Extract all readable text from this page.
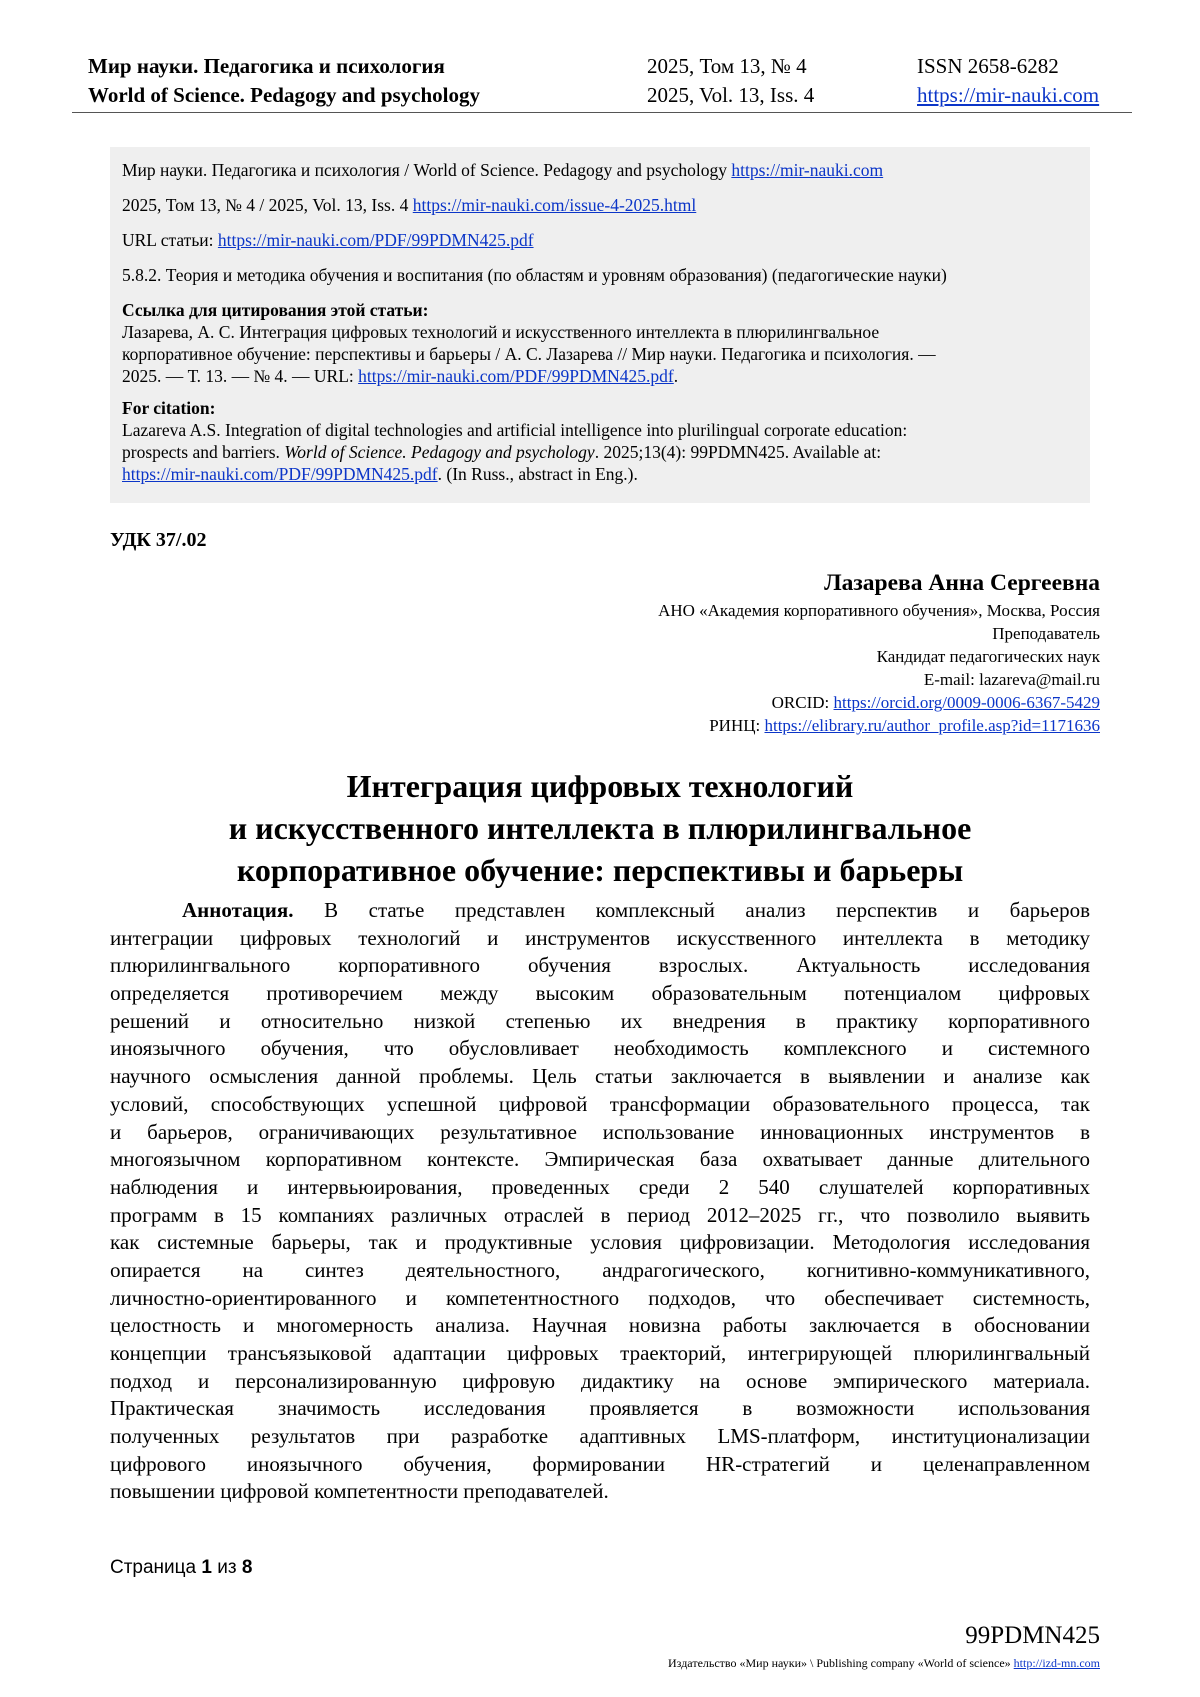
Мир науки. Педагогика и психология
World of Science. Pedagogy and psychology
2025, Том 13, № 4
2025, Vol. 13, Iss. 4
ISSN 2658-6282
https://mir-nauki.com

Мир науки. Педагогика и психология / World of Science. Pedagogy and psychology https://mir-nauki.com

2025, Том 13, № 4 / 2025, Vol. 13, Iss. 4 https://mir-nauki.com/issue-4-2025.html

URL статьи: https://mir-nauki.com/PDF/99PDMN425.pdf

5.8.2. Теория и методика обучения и воспитания (по областям и уровням образования) (педагогические науки)

Ссылка для цитирования этой статьи:
Лазарева, А. С. Интеграция цифровых технологий и искусственного интеллекта в плюрилингвальное
корпоративное обучение: перспективы и барьеры / А. С. Лазарева // Мир науки. Педагогика и психология. —
2025. — Т. 13. — № 4. — URL: https://mir-nauki.com/PDF/99PDMN425.pdf.
For citation:
Lazareva A.S. Integration of digital technologies and artificial intelligence into plurilingual corporate education:
prospects and barriers. World of Science. Pedagogy and psychology. 2025;13(4): 99PDMN425. Available at:
https://mir-nauki.com/PDF/99PDMN425.pdf. (In Russ., abstract in Eng.).
УДК 37/.02
Лазарева Анна Сергеевна
АНО «Академия корпоративного обучения», Москва, Россия
Преподаватель
Кандидат педагогических наук
E-mail: lazareva@mail.ru
ORCID: https://orcid.org/0009-0006-6367-5429
РИНЦ: https://elibrary.ru/author_profile.asp?id=1171636
Интеграция цифровых технологий
и искусственного интеллекта в плюрилингвальное
корпоративное обучение: перспективы и барьеры
Аннотация. В статье представлен комплексный анализ перспектив и барьеров
интеграции цифровых технологий и инструментов искусственного интеллекта в методику
плюрилингвального корпоративного обучения взрослых. Актуальность исследования
определяется противоречием между высоким образовательным потенциалом цифровых
решений и относительно низкой степенью их внедрения в практику корпоративного
иноязычного обучения, что обусловливает необходимость комплексного и системного
научного осмысления данной проблемы. Цель статьи заключается в выявлении и анализе как
условий, способствующих успешной цифровой трансформации образовательного процесса, так
и барьеров, ограничивающих результативное использование инновационных инструментов в
многоязычном корпоративном контексте. Эмпирическая база охватывает данные длительного
наблюдения и интервьюирования, проведенных среди 2 540 слушателей корпоративных
программ в 15 компаниях различных отраслей в период 2012–2025 гг., что позволило выявить
как системные барьеры, так и продуктивные условия цифровизации. Методология исследования
опирается на синтез деятельностного, андрагогического, когнитивно-коммуникативного,
личностно-ориентированного и компетентностного подходов, что обеспечивает системность,
целостность и многомерность анализа. Научная новизна работы заключается в обосновании
концепции трансъязыковой адаптации цифровых траекторий, интегрирующей плюрилингвальный
подход и персонализированную цифровую дидактику на основе эмпирического материала.
Практическая значимость исследования проявляется в возможности использования
полученных результатов при разработке адаптивных LMS-платформ, институционализации
цифрового иноязычного обучения, формировании HR-стратегий и целенаправленном
повышении цифровой компетентности преподавателей.
Страница 1 из 8
99PDMN425
Издательство «Мир науки» \ Publishing company «World of science» http://izd-mn.com
